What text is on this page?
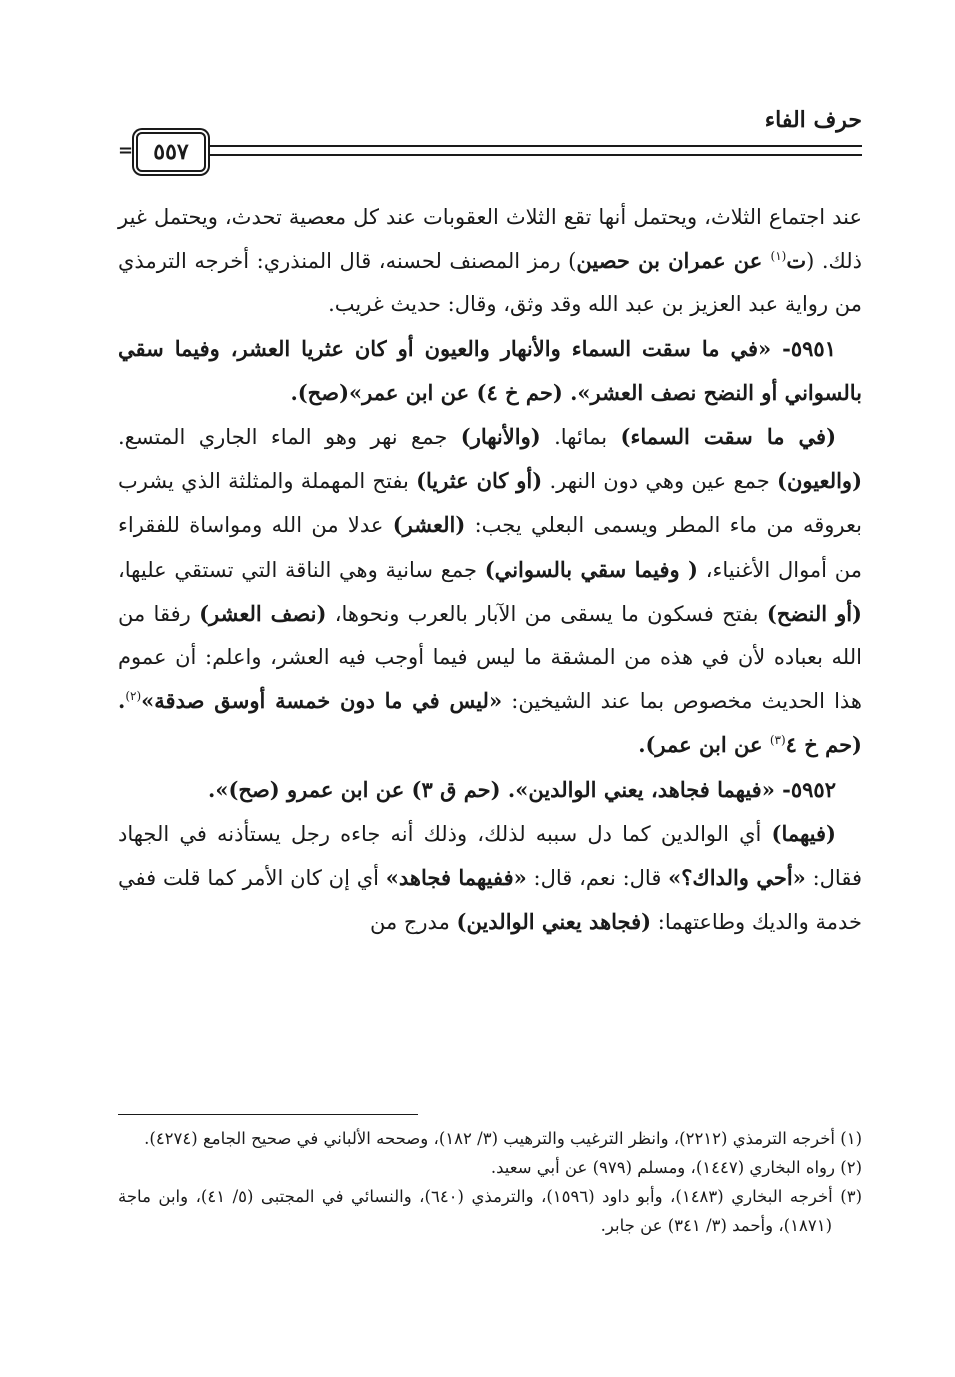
حرف الفاء
= ٥٥٧

عند اجتماع الثلاث، ويحتمل أنها تقع الثلاث العقوبات عند كل معصية تحدث، ويحتمل غير ذلك. (ت$^{(١)}$ عن عمران بن حصين) رمز المصنف لحسنه، قال المنذري: أخرجه الترمذي من رواية عبد العزيز بن عبد الله وقد وثق، وقال: حديث غريب.

٥٩٥١- «في ما سقت السماء والأنهار والعيون أو كان عثريا العشر، وفيما سقي بالسواني أو النضح نصف العشر». (حم خ ٤) عن ابن عمر»(صح).

(في ما سقت السماء) بمائها. (والأنهار) جمع نهر وهو الماء الجاري المتسع. (والعيون) جمع عين وهي دون النهر. (أو كان عثريا) بفتح المهملة والمثلثة الذي يشرب بعروقه من ماء المطر ويسمى البعلي يجب: (العشر) عدلا من الله ومواساة للفقراء من أموال الأغنياء، ( وفيما سقي بالسواني) جمع سانية وهي الناقة التي تستقي عليها، (أو النضح) بفتح فسكون ما يسقى من الآبار بالعرب ونحوها، (نصف العشر) رفقا من الله بعباده لأن في هذه من المشقة ما ليس فيما أوجب فيه العشر، واعلم: أن عموم هذا الحديث مخصوص بما عند الشيخين: «ليس في ما دون خمسة أوسق صدقة»$^{(٢)}$. (حم خ ٤$^{(٣)}$ عن ابن عمر).

٥٩٥٢- «فيهما فجاهد، يعني الوالدين». (حم ق ٣) عن ابن عمرو (صح)».

(فيهما) أي الوالدين كما دل سببه لذلك، وذلك أنه جاءه رجل يستأذنه في الجهاد فقال: «أحي والداك؟» قال: نعم، قال: «ففيهما فجاهد» أي إن كان الأمر كما قلت ففي خدمة والديك وطاعتهما: (فجاهد يعني الوالدين) مدرج من

(١) أخرجه الترمذي (٢٢١٢)، وانظر الترغيب والترهيب (٣/ ١٨٢)، وصححه الألباني في صحيح الجامع (٤٢٧٤).

(٢) رواه البخاري (١٤٤٧)، ومسلم (٩٧٩) عن أبي سعيد.

(٣) أخرجه البخاري (١٤٨٣)، وأبو داود (١٥٩٦)، والترمذي (٦٤٠)، والنسائي في المجتبى (٥/ ٤١)، وابن ماجة (١٨٧١)، وأحمد (٣/ ٣٤١) عن جابر.
